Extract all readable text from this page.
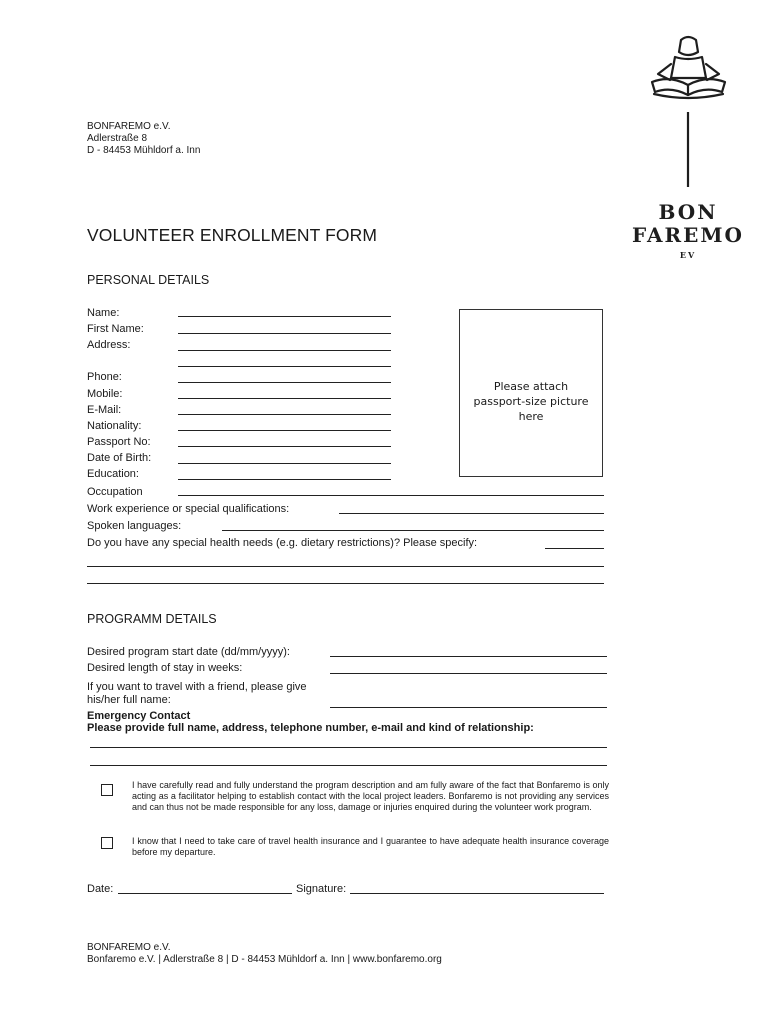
BONFAREMO e.V.
Adlerstraße 8
D - 84453 Mühldorf a. Inn
BON
FAREMO
EV
VOLUNTEER ENROLLMENT FORM
PERSONAL DETAILS
Name:
First Name:
Address:
Phone:
Mobile:
E-Mail:
Nationality:
Passport No:
Date of Birth:
Education:
Please attach passport-size picture here
Occupation
Work experience or special qualifications:
Spoken languages:
Do you have any special health needs (e.g. dietary restrictions)? Please specify:
PROGRAMM DETAILS
Desired program start date (dd/mm/yyyy):
Desired length of stay in weeks:
If you want to travel with a friend, please give his/her full name:
Emergency Contact
Please provide full name, address, telephone number, e-mail and kind of relationship:
I have carefully read and fully understand the program description and am fully aware of the fact that Bonfaremo is only acting as a facilitator helping to establish contact with the local project leaders. Bonfaremo is not providing any services and can thus not be made responsible for any loss, damage or injuries enquired during the volunteer work program.
I know that I need to take care of travel health insurance and I guarantee to have adequate health insurance coverage before my departure.
Date:	Signature:
BONFAREMO e.V.
Bonfaremo e.V. | Adlerstraße 8 | D - 84453 Mühldorf a. Inn | www.bonfaremo.org
